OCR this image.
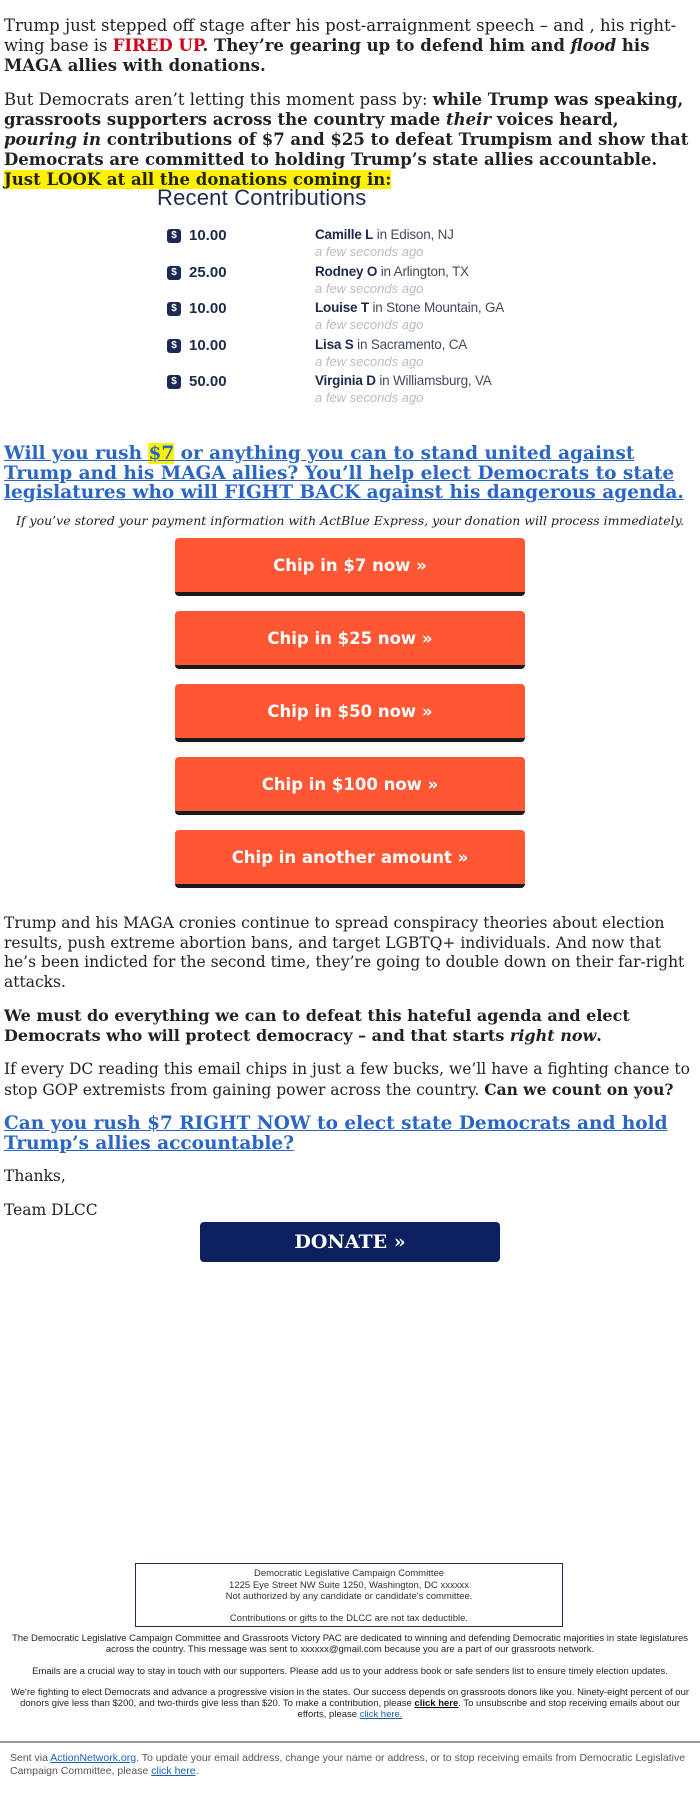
Trump just stepped off stage after his post-arraignment speech – and , his right-wing base is FIRED UP. They’re gearing up to defend him and flood his MAGA allies with donations.

But Democrats aren’t letting this moment pass by: while Trump was speaking, grassroots supporters across the country made their voices heard, pouring in contributions of $7 and $25 to defeat Trumpism and show that Democrats are committed to holding Trump’s state allies accountable. Just LOOK at all the donations coming in:

Recent Contributions
$ 10.00	Camille L in Edison, NJ
a few seconds ago
$ 25.00	Rodney O in Arlington, TX
a few seconds ago
$ 10.00	Louise T in Stone Mountain, GA
a few seconds ago
$ 10.00	Lisa S in Sacramento, CA
a few seconds ago
$ 50.00	Virginia D in Williamsburg, VA
a few seconds ago
Will you rush $7 or anything you can to stand united against Trump and his MAGA allies? You’ll help elect Democrats to state legislatures who will FIGHT BACK against his dangerous agenda.
If you’ve stored your payment information with ActBlue Express, your donation will process immediately.
Chip in $7 now »
Chip in $25 now »
Chip in $50 now »
Chip in $100 now »
Chip in another amount »

Trump and his MAGA cronies continue to spread conspiracy theories about election results, push extreme abortion bans, and target LGBTQ+ individuals. And now that he’s been indicted for the second time, they’re going to double down on their far-right attacks.

We must do everything we can to defeat this hateful agenda and elect Democrats who will protect democracy – and that starts right now.

If every DC reading this email chips in just a few bucks, we’ll have a fighting chance to stop GOP extremists from gaining power across the country. Can we count on you?

Can you rush $7 RIGHT NOW to elect state Democrats and hold Trump’s allies accountable?

Thanks,

Team DLCC

DONATE »
Democratic Legislative Campaign Committee
1225 Eye Street NW Suite 1250, Washington, DC xxxxxx
Not authorized by any candidate or candidate's committee.
Contributions or gifts to the DLCC are not tax deductible.
The Democratic Legislative Campaign Committee and Grassroots Victory PAC are dedicated to winning and defending Democratic majorities in state legislatures across the country. This message was sent to xxxxxx@gmail.com because you are a part of our grassroots network.
Emails are a crucial way to stay in touch with our supporters. Please add us to your address book or safe senders list to ensure timely election updates.
We're fighting to elect Democrats and advance a progressive vision in the states. Our success depends on grassroots donors like you. Ninety-eight percent of our donors give less than $200, and two-thirds give less than $20. To make a contribution, please click here. To unsubscribe and stop receiving emails about our efforts, please click here.
Sent via ActionNetwork.org. To update your email address, change your name or address, or to stop receiving emails from Democratic Legislative Campaign Committee, please click here.
